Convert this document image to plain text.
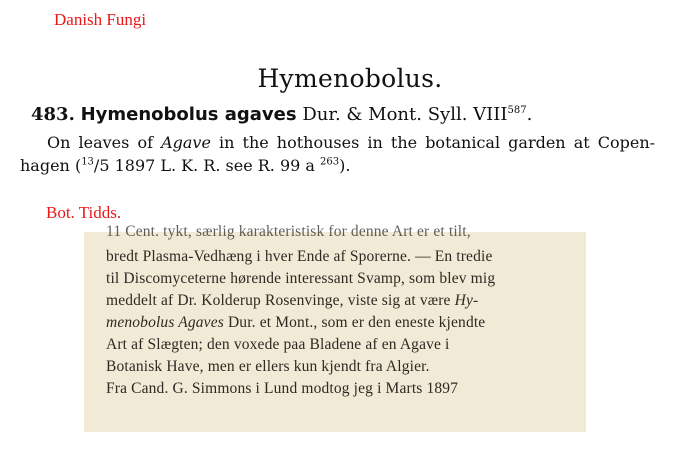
Danish Fungi
Hymenobolus.
483. Hymenobolus agaves Dur. & Mont. Syll. VIII$^{587}$.
On leaves of Agave in the hothouses in the botanical garden at Copen-
hagen ($^{13}$/5 1897 L. K. R. see R. 99 a $^{263}$).
Bot. Tidds.
11 Cent. tykt, særlig karakteristisk for denne Art er et tilt,
bredt Plasma-Vedhæng i hver Ende af Sporerne. — En tredie
til Discomyceterne hørende interessant Svamp, som blev mig
meddelt af Dr. Kolderup Rosenvinge, viste sig at være Hy-
menobolus Agaves Dur. et Mont., som er den eneste kjendte
Art af Slægten; den voxede paa Bladene af en Agave i
Botanisk Have, men er ellers kun kjendt fra Algier.
Fra Cand. G. Simmons i Lund modtog jeg i Marts 1897
